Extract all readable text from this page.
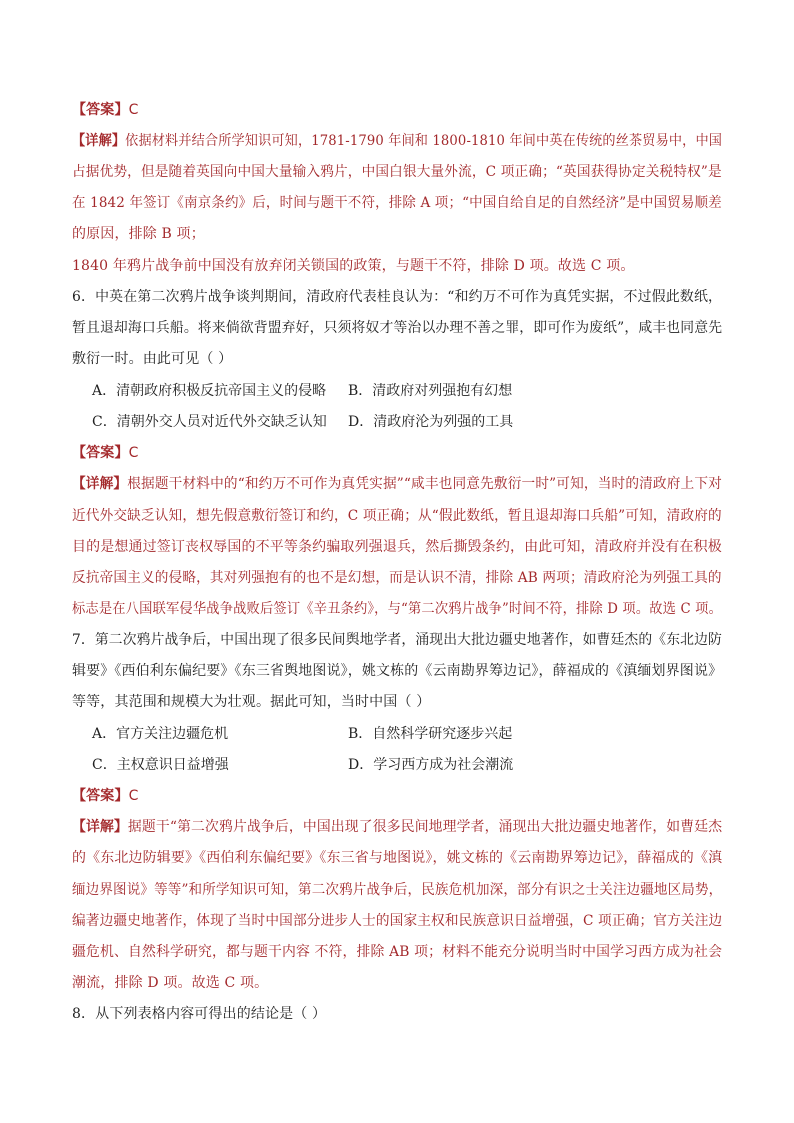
【答案】C
【详解】依据材料并结合所学知识可知，1781-1790 年间和 1800-1810 年间中英在传统的丝茶贸易中，中国
占据优势，但是随着英国向中国大量输入鸦片，中国白银大量外流，C 项正确；“英国获得协定关税特权”是
在 1842 年签订《南京条约》后，时间与题干不符，排除 A 项；“中国自给自足的自然经济”是中国贸易顺差
的原因，排除 B 项；
1840 年鸦片战争前中国没有放弃闭关锁国的政策，与题干不符，排除 D 项。故选 C 项。
6．中英在第二次鸦片战争谈判期间，清政府代表桂良认为：“和约万不可作为真凭实据，不过假此数纸，
暂且退却海口兵船。将来倘欲背盟弃好，只须将奴才等治以办理不善之罪，即可作为废纸”，咸丰也同意先
敷衍一时。由此可见（ ）
A．清朝政府积极反抗帝国主义的侵略 B．清政府对列强抱有幻想
C．清朝外交人员对近代外交缺乏认知 D．清政府沦为列强的工具
【答案】C
【详解】根据题干材料中的“和约万不可作为真凭实据”“咸丰也同意先敷衍一时”可知，当时的清政府上下对
近代外交缺乏认知，想先假意敷衍签订和约，C 项正确；从“假此数纸，暂且退却海口兵船”可知，清政府的
目的是想通过签订丧权辱国的不平等条约骗取列强退兵，然后撕毁条约，由此可知，清政府并没有在积极
反抗帝国主义的侵略，其对列强抱有的也不是幻想，而是认识不清，排除 AB 两项；清政府沦为列强工具的
标志是在八国联军侵华战争战败后签订《辛丑条约》，与“第二次鸦片战争”时间不符，排除 D 项。故选 C 项。
7．第二次鸦片战争后，中国出现了很多民间舆地学者，涌现出大批边疆史地著作，如曹廷杰的《东北边防
辑要》《西伯利东偏纪要》《东三省舆地图说》，姚文栋的《云南勘界筹边记》，薛福成的《滇缅划界图说》
等等，其范围和规模大为壮观。据此可知，当时中国（ ）
A．官方关注边疆危机	B．自然科学研究逐步兴起
C．主权意识日益增强	D．学习西方成为社会潮流
【答案】C
【详解】据题干“第二次鸦片战争后，中国出现了很多民间地理学者，涌现出大批边疆史地著作，如曹廷杰
的《东北边防辑要》《西伯利东偏纪要》《东三省与地图说》，姚文栋的《云南勘界筹边记》，薛福成的《滇
缅边界图说》等等”和所学知识可知，第二次鸦片战争后，民族危机加深，部分有识之士关注边疆地区局势，
编著边疆史地著作，体现了当时中国部分进步人士的国家主权和民族意识日益增强，C 项正确；官方关注边
疆危机、自然科学研究，都与题干内容 不符，排除 AB 项；材料不能充分说明当时中国学习西方成为社会
潮流，排除 D 项。故选 C 项。
8．从下列表格内容可得出的结论是（ ）
